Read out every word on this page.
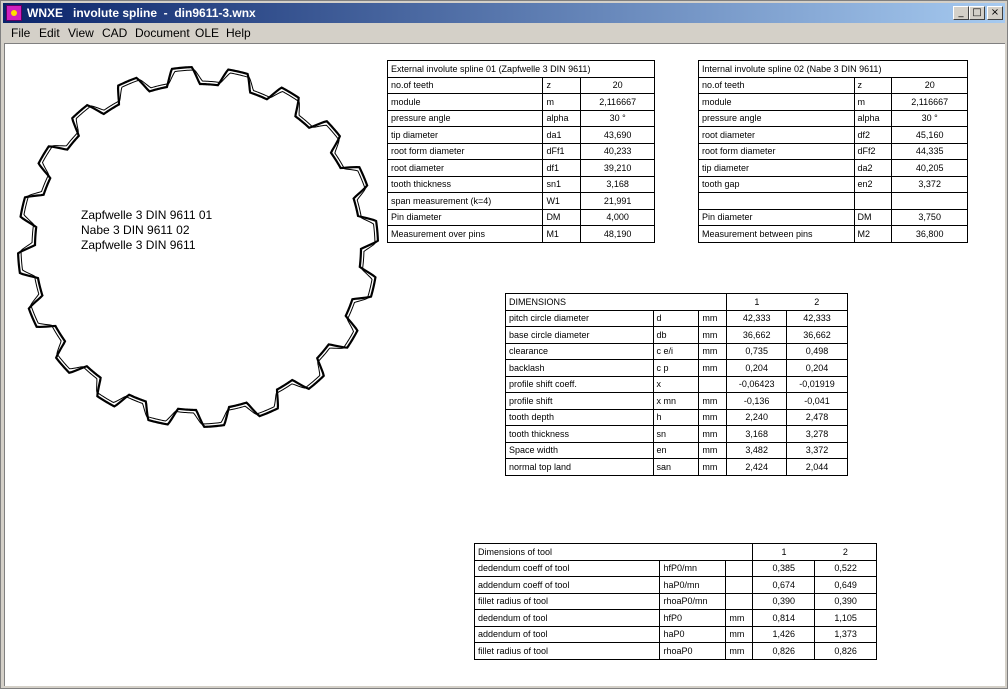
WNXE   involute spline  -  din9611-3.wnx	_ □ ×
File Edit View CAD Document OLE Help
Zapfwelle 3 DIN 9611 01
Nabe 3 DIN 9611 02
Zapfwelle 3 DIN 9611
External involute spline 01 (Zapfwelle 3 DIN 9611)		
no.of teeth	z	20
module	m	2,116667
pressure angle	alpha	30 °
tip diameter	da1	43,690
root form diameter	dFf1	40,233
root diameter	df1	39,210
tooth thickness	sn1	3,168
span measurement (k=4)	W1	21,991
Pin diameter	DM	4,000
Measurement over pins	M1	48,190
Internal involute spline 02 (Nabe 3 DIN 9611)		
no.of teeth	z	20
module	m	2,116667
pressure angle	alpha	30 °
root diameter	df2	45,160
root form diameter	dFf2	44,335
tip diameter	da2	40,205
tooth gap	en2	3,372

Pin diameter	DM	3,750
Measurement between pins	M2	36,800
DIMENSIONS			1	2
pitch circle diameter	d	mm	42,333	42,333
base circle diameter	db	mm	36,662	36,662
clearance	c e/i	mm	0,735	0,498
backlash	c p	mm	0,204	0,204
profile shift coeff.	x		-0,06423	-0,01919
profile shift	x mn	mm	-0,136	-0,041
tooth depth	h	mm	2,240	2,478
tooth thickness	sn	mm	3,168	3,278
Space width	en	mm	3,482	3,372
normal top land	san	mm	2,424	2,044
Dimensions of tool			1	2
dedendum coeff of tool	hfP0/mn		0,385	0,522
addendum coeff of tool	haP0/mn		0,674	0,649
fillet radius of tool	rhoaP0/mn		0,390	0,390
dedendum of tool	hfP0	mm	0,814	1,105
addendum of tool	haP0	mm	1,426	1,373
fillet radius of tool	rhoaP0	mm	0,826	0,826
